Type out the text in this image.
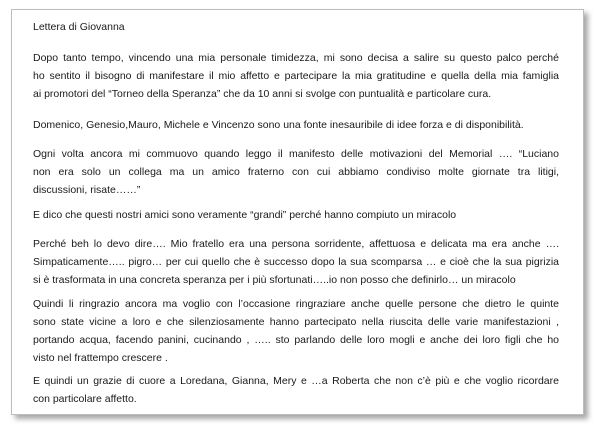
Lettera di Giovanna
Dopo tanto tempo, vincendo una mia personale timidezza, mi sono decisa a salire su questo palco perché
ho sentito il bisogno di manifestare il mio affetto e partecipare la mia gratitudine e quella della mia famiglia
ai promotori del “Torneo della Speranza” che da 10 anni si svolge con puntualità e particolare cura.
Domenico, Genesio,Mauro, Michele e Vincenzo sono una fonte inesauribile di idee forza e di disponibilità.
Ogni volta ancora mi commuovo quando leggo il manifesto delle motivazioni del Memorial …. “Luciano
non era solo un collega ma un amico fraterno con cui abbiamo condiviso molte giornate tra litigi,
discussioni, risate……”
E dico che questi nostri amici sono veramente “grandi” perché hanno compiuto un miracolo
Perché beh lo devo dire…. Mio fratello era una persona sorridente, affettuosa e delicata ma era anche ….
Simpaticamente….. pigro… per cui quello che è successo dopo la sua scomparsa … e cioè che la sua pigrizia
si è trasformata in una concreta speranza per i più sfortunati…..io non posso che definirlo… un miracolo
Quindi li ringrazio ancora ma voglio con l’occasione ringraziare anche quelle persone che dietro le quinte
sono state vicine a loro e che silenziosamente hanno partecipato nella riuscita delle varie manifestazioni ,
portando acqua, facendo panini, cucinando , ….. sto parlando delle loro mogli e anche dei loro figli che ho
visto nel frattempo crescere .
E quindi un grazie di cuore a Loredana, Gianna, Mery e …a Roberta che non c’è più e che voglio ricordare
con particolare affetto.
